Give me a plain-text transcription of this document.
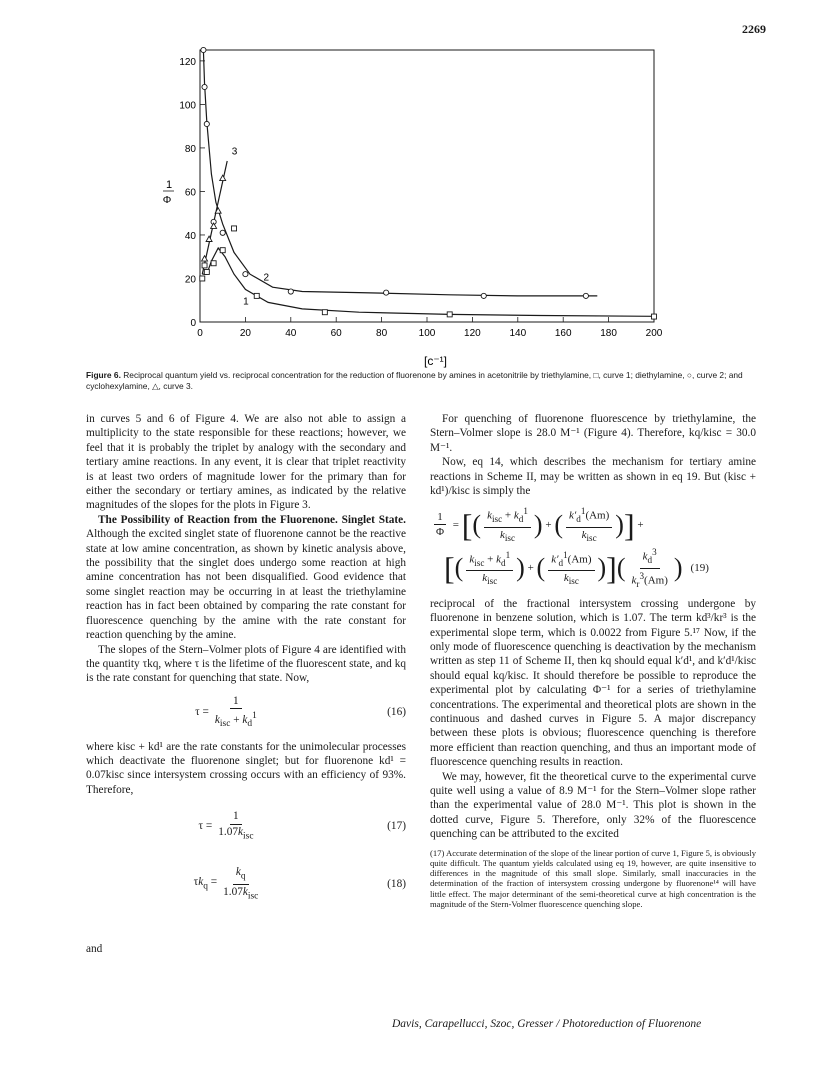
2269
0	20	40	60	80	100	120	140	160	180	200
0
20
40
60
80
100
120
1
2
3
1
Φ
[c⁻¹]
Figure 6. Reciprocal quantum yield vs. reciprocal concentration for the reduction of fluorenone by amines in acetonitrile by triethylamine, □, curve 1; diethylamine, ○, curve 2; and cyclohexylamine, △, curve 3.

in curves 5 and 6 of Figure 4. We are also not able to assign a multiplicity to the state responsible for these reactions; however, we feel that it is probably the triplet by analogy with the secondary and tertiary amine reactions. In any event, it is clear that triplet reactivity is at least two orders of magnitude lower for the primary than for either the secondary or tertiary amines, as indicated by the relative magnitudes of the slopes for the plots in Figure 3.

The Possibility of Reaction from the Fluorenone. Singlet State. Although the excited singlet state of fluorenone cannot be the reactive state at low amine concentration, as shown by kinetic analysis above, the possibility that the singlet does undergo some reaction at high amine concentration has not been disqualified. Good evidence that some singlet reaction may be occurring in at least the triethylamine reaction has in fact been obtained by comparing the rate constant for fluorescence quenching by the amine with the rate constant for reaction quenching by the amine.

The slopes of the Stern–Volmer plots of Figure 4 are identified with the quantity τkq, where τ is the lifetime of the fluorescent state, and kq is the rate constant for quenching that state. Now,

$\tau = \frac{1}{k_{isc} + k_d^1}$	(16)

where kisc + kd¹ are the rate constants for the unimolecular processes which deactivate the fluorenone singlet; but for fluorenone kd¹ = 0.07kisc since intersystem crossing occurs with an efficiency of 93%. Therefore,

$\tau = \frac{1}{1.07k_{isc}}$	(17)
$\tau k_q = \frac{k_q}{1.07k_{isc}}$	(18)
and

For quenching of fluorenone fluorescence by triethylamine, the Stern–Volmer slope is 28.0 M⁻¹ (Figure 4). Therefore, kq/kisc = 30.0 M⁻¹.

Now, eq 14, which describes the mechanism for tertiary amine reactions in Scheme II, may be written as shown in eq 19. But (kisc + kd¹)/kisc is simply the

$\frac{1}{\Phi}$ = [ ( $\frac{k_{isc} + k_d^1}{k_{isc}}$ ) + ( $\frac{k'_d^1(Am)}{k_{isc}}$ ) ] +
[ ( $\frac{k_{isc} + k_d^1}{k_{isc}}$ ) + ( $\frac{k'_d^1(Am)}{k_{isc}}$ ) ] ( $\frac{k_d^3}{k_r^3(Am)}$ ) (19)

reciprocal of the fractional intersystem crossing undergone by fluorenone in benzene solution, which is 1.07. The term kd³/kr³ is the experimental slope term, which is 0.0022 from Figure 5.¹⁷ Now, if the only mode of fluorescence quenching is deactivation by the mechanism written as step 11 of Scheme II, then kq should equal k′d¹, and k′d¹/kisc should equal kq/kisc. It should therefore be possible to reproduce the experimental plot by calculating Φ⁻¹ for a series of triethylamine concentrations. The experimental and theoretical plots are shown in the continuous and dashed curves in Figure 5. A major discrepancy between these plots is obvious; fluorescence quenching is therefore more efficient than reaction quenching, and thus an important mode of fluorescence quenching results in reaction.

We may, however, fit the theoretical curve to the experimental curve quite well using a value of 8.9 M⁻¹ for the Stern–Volmer slope rather than the experimental value of 28.0 M⁻¹. This plot is shown in the dotted curve, Figure 5. Therefore, only 32% of the fluorescence quenching can be attributed to the excited

(17) Accurate determination of the slope of the linear portion of curve 1, Figure 5, is obviously quite difficult. The quantum yields calculated using eq 19, however, are quite insensitive to differences in the magnitude of this small slope. Similarly, small inaccuracies in the determination of the fraction of intersystem crossing undergone by fluorenone¹⁴ will have little effect. The major determinant of the semi-theoretical curve at high concentration is the magnitude of the Stern-Volmer fluorescence quenching slope.
Davis, Carapellucci, Szoc, Gresser / Photoreduction of Fluorenone
